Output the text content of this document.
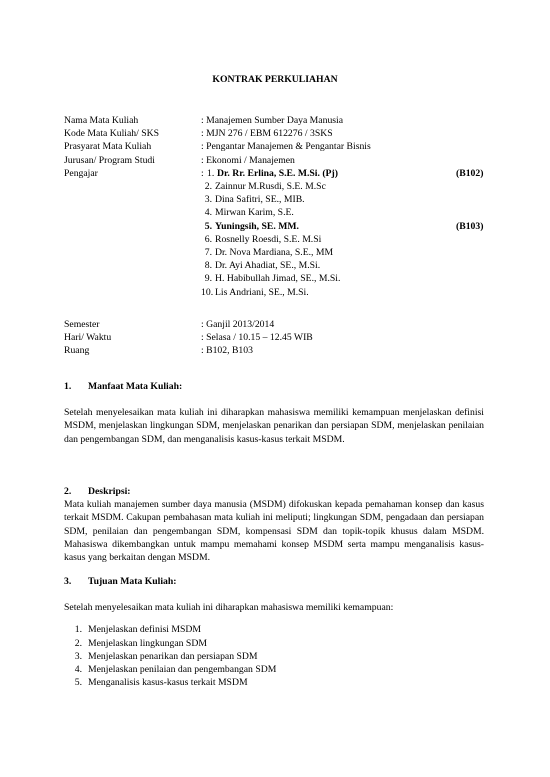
KONTRAK PERKULIAHAN
Nama Mata Kuliah	: Manajemen Sumber Daya Manusia
Kode Mata Kuliah/ SKS	: MJN 276 / EBM 612276 / 3SKS
Prasyarat Mata Kuliah	: Pengantar Manajemen & Pengantar Bisnis
Jurusan/ Program Studi	: Ekonomi / Manajemen
Pengajar	: 1. Dr. Rr. Erlina, S.E. M.Si. (Pj)	(B102)
2. Zainnur M.Rusdi, S.E. M.Sc
3. Dina Safitri, SE., MIB.
4. Mirwan Karim, S.E.
5. Yuningsih, SE. MM.	(B103)
6. Rosnelly Roesdi, S.E. M.Si
7. Dr. Nova Mardiana, S.E., MM
8. Dr. Ayi Ahadiat, SE., M.Si.
9. H. Habibullah Jimad, SE., M.Si.
10. Lis Andriani, SE., M.Si.
Semester	: Ganjil 2013/2014
Hari/ Waktu	: Selasa / 10.15 – 12.45 WIB
Ruang	: B102, B103
1.	Manfaat Mata Kuliah:
Setelah menyelesaikan mata kuliah ini diharapkan mahasiswa memiliki kemampuan menjelaskan definisi MSDM, menjelaskan lingkungan SDM, menjelaskan penarikan dan persiapan SDM, menjelaskan penilaian dan pengembangan SDM, dan menganalisis kasus-kasus terkait MSDM.
2.	Deskripsi:
Mata kuliah manajemen sumber daya manusia (MSDM) difokuskan kepada pemahaman konsep dan kasus terkait MSDM. Cakupan pembahasan mata kuliah ini meliputi; lingkungan SDM, pengadaan dan persiapan SDM, penilaian dan pengembangan SDM, kompensasi SDM dan topik-topik khusus dalam MSDM. Mahasiswa dikembangkan untuk mampu memahami konsep MSDM serta mampu menganalisis kasus-kasus yang berkaitan dengan MSDM.
3.	Tujuan Mata Kuliah:
Setelah menyelesaikan mata kuliah ini diharapkan mahasiswa memiliki kemampuan:
1. Menjelaskan definisi MSDM
2. Menjelaskan lingkungan SDM
3. Menjelaskan penarikan dan persiapan SDM
4. Menjelaskan penilaian dan pengembangan SDM
5. Menganalisis kasus-kasus terkait MSDM
